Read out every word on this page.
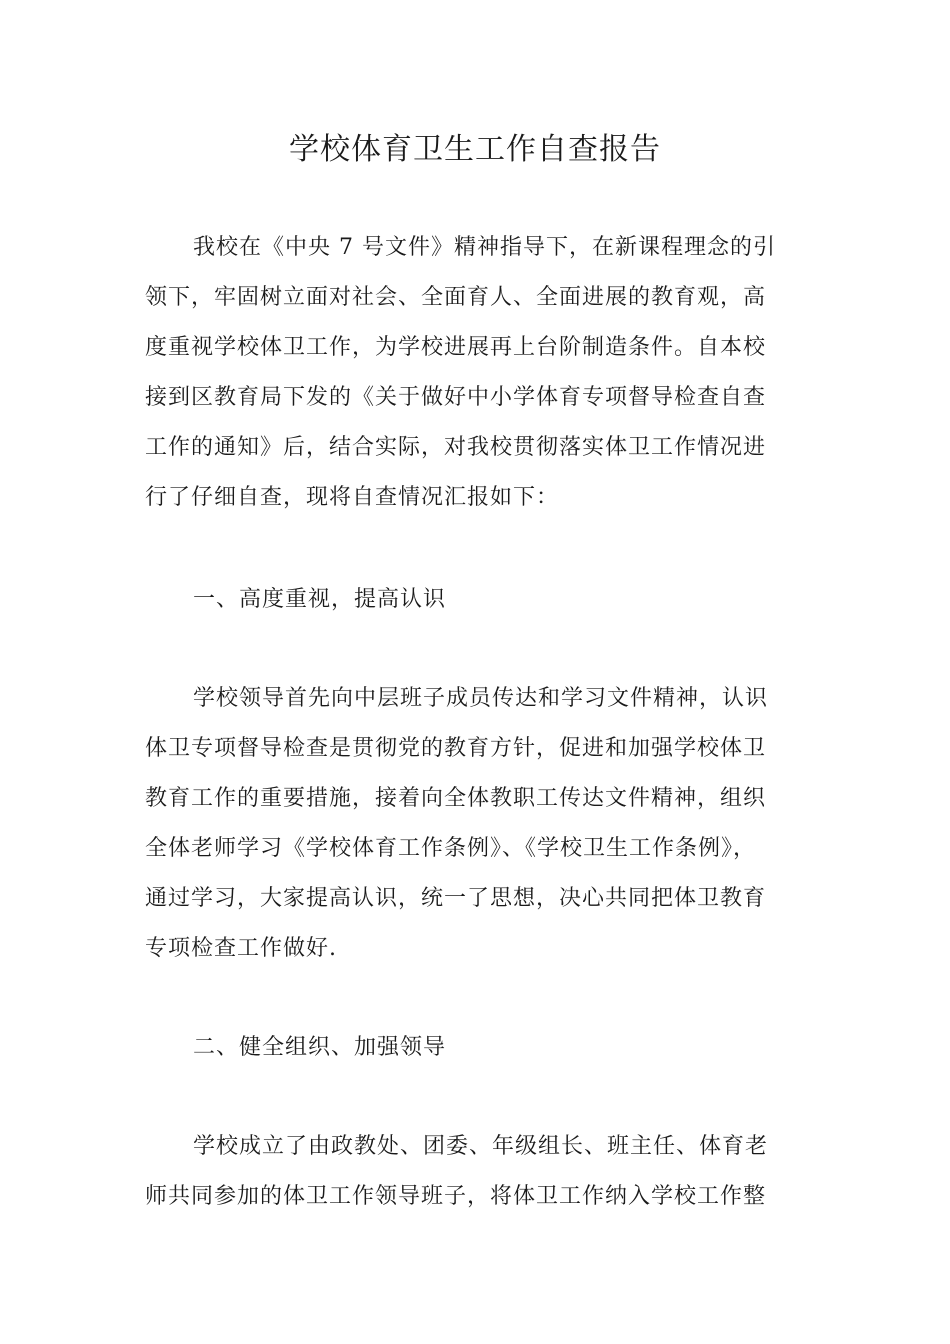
学校体育卫生工作自查报告
我校在《中央 7 号文件》精神指导下，在新课程理念的引
领下，牢固树立面对社会、全面育人、全面进展的教育观，高
度重视学校体卫工作，为学校进展再上台阶制造条件。自本校
接到区教育局下发的《关于做好中小学体育专项督导检查自查
工作的通知》后，结合实际，对我校贯彻落实体卫工作情况进
行了仔细自查，现将自查情况汇报如下：
一、高度重视，提高认识
学校领导首先向中层班子成员传达和学习文件精神，认识
体卫专项督导检查是贯彻党的教育方针，促进和加强学校体卫
教育工作的重要措施，接着向全体教职工传达文件精神，组织
全体老师学习《学校体育工作条例》、《学校卫生工作条例》，
通过学习，大家提高认识，统一了思想，决心共同把体卫教育
专项检查工作做好.
二、健全组织、加强领导
学校成立了由政教处、团委、年级组长、班主任、体育老
师共同参加的体卫工作领导班子，将体卫工作纳入学校工作整
